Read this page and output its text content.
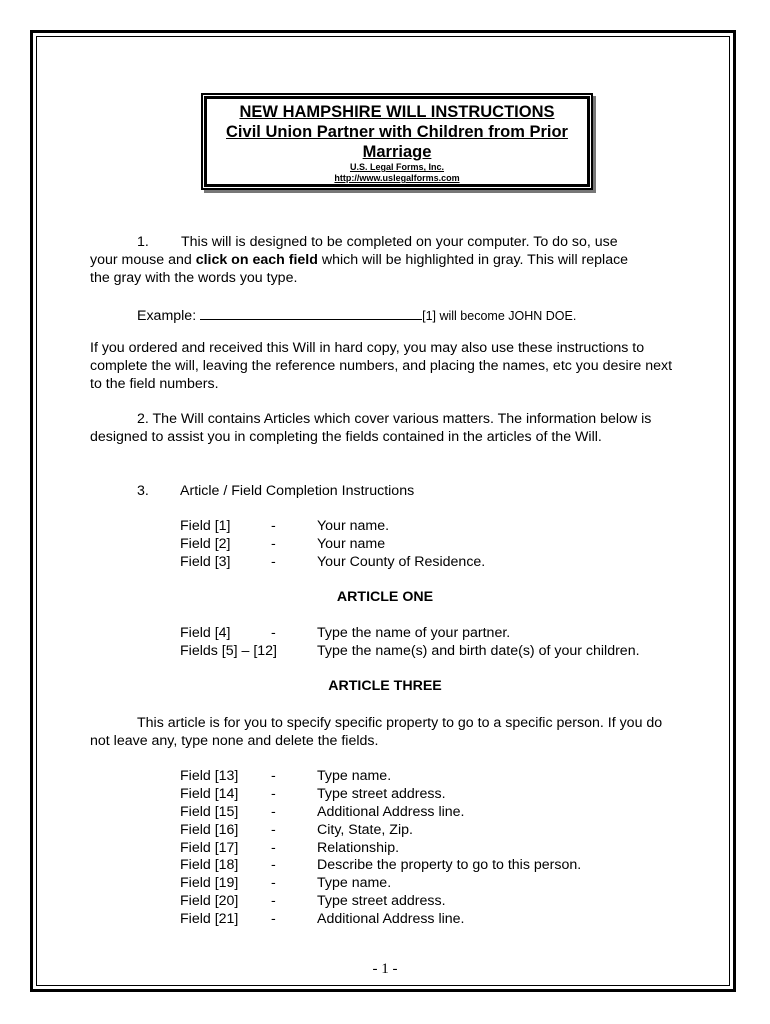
NEW HAMPSHIRE WILL INSTRUCTIONS
Civil Union Partner with Children from Prior
Marriage
U.S. Legal Forms, Inc.
http://www.uslegalforms.com
1. This will is designed to be completed on your computer. To do so, use

your mouse and click on each field which will be highlighted in gray. This will replace
the gray with the words you type.
Example:	[1] will become JOHN DOE.
If you ordered and received this Will in hard copy, you may also use these instructions to complete the will, leaving the reference numbers, and placing the names, etc you desire next to the field numbers.
2. The Will contains Articles which cover various matters. The information below is designed to assist you in completing the fields contained in the articles of the Will.
3. Article / Field Completion Instructions
Field [1]	-	Your name.
Field [2]	-	Your name
Field [3]	-	Your County of Residence.
ARTICLE ONE
Field [4]	-	Type the name of your partner.
Fields [5] – [12]	Type the name(s) and birth date(s) of your children.
ARTICLE THREE
This article is for you to specify specific property to go to a specific person. If you do not leave any, type none and delete the fields.
Field [13] -	Type name.
Field [14] -	Type street address.
Field [15] -	Additional Address line.
Field [16] -	City, State, Zip.
Field [17] -	Relationship.
Field [18] -	Describe the property to go to this person.
Field [19] -	Type name.
Field [20] -	Type street address.
Field [21] -	Additional Address line.
- 1 -
